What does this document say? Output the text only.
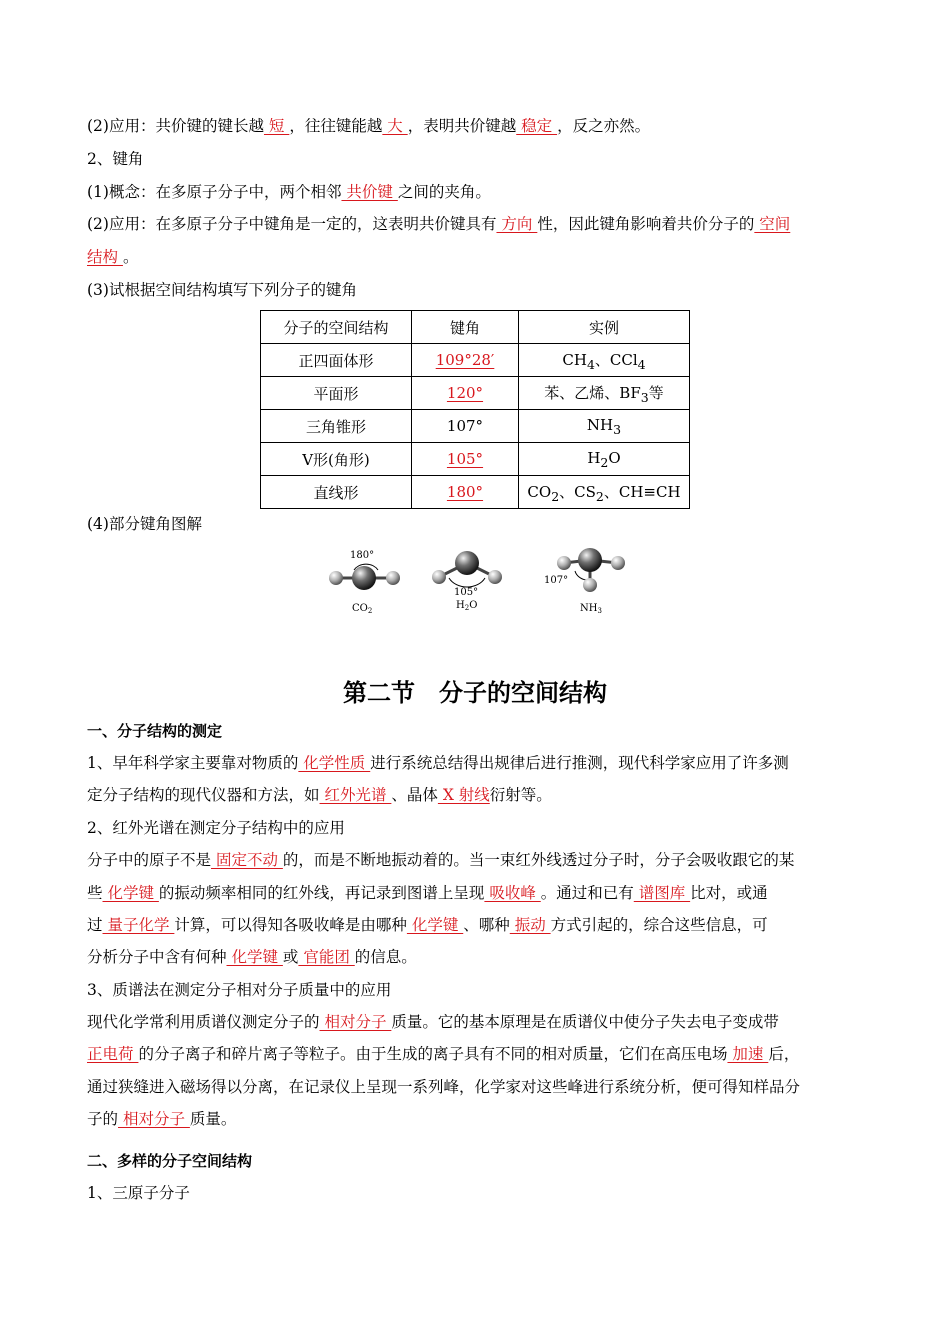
(2)应用：共价键的键长越 短 ，往往键能越 大 ，表明共价键越 稳定 ，反之亦然。
2、键角
(1)概念：在多原子分子中，两个相邻 共价键 之间的夹角。
(2)应用：在多原子分子中键角是一定的，这表明共价键具有 方向 性，因此键角影响着共价分子的 空间
结构 。
(3)试根据空间结构填写下列分子的键角
分子的空间结构	键角	实例
正四面体形	109°28′	$CH_4$、CCl$_4$
平面形	120°	苯、乙烯、$BF_3$等
三角锥形	107°	$NH_3$
V形(角形)	105°	$H_2O$
直线形	180°	$CO_2$、$CS_2$、CH≡CH
(4)部分键角图解
180°
$CO_2$
105°
$H_2O$
107°
$NH_3$
第二节　分子的空间结构
一、分子结构的测定
1、早年科学家主要靠对物质的 化学性质 进行系统总结得出规律后进行推测，现代科学家应用了许多测
定分子结构的现代仪器和方法，如 红外光谱 、晶体 X 射线衍射等。
2、红外光谱在测定分子结构中的应用
分子中的原子不是 固定不动 的，而是不断地振动着的。当一束红外线透过分子时，分子会吸收跟它的某
些 化学键 的振动频率相同的红外线，再记录到图谱上呈现 吸收峰 。通过和已有 谱图库 比对，或通
过 量子化学 计算，可以得知各吸收峰是由哪种 化学键 、哪种 振动 方式引起的，综合这些信息，可
分析分子中含有何种 化学键 或 官能团 的信息。
3、质谱法在测定分子相对分子质量中的应用
现代化学常利用质谱仪测定分子的 相对分子 质量。它的基本原理是在质谱仪中使分子失去电子变成带
正电荷 的分子离子和碎片离子等粒子。由于生成的离子具有不同的相对质量，它们在高压电场 加速 后，
通过狭缝进入磁场得以分离，在记录仪上呈现一系列峰，化学家对这些峰进行系统分析，便可得知样品分
子的 相对分子 质量。
二、多样的分子空间结构
1、三原子分子
